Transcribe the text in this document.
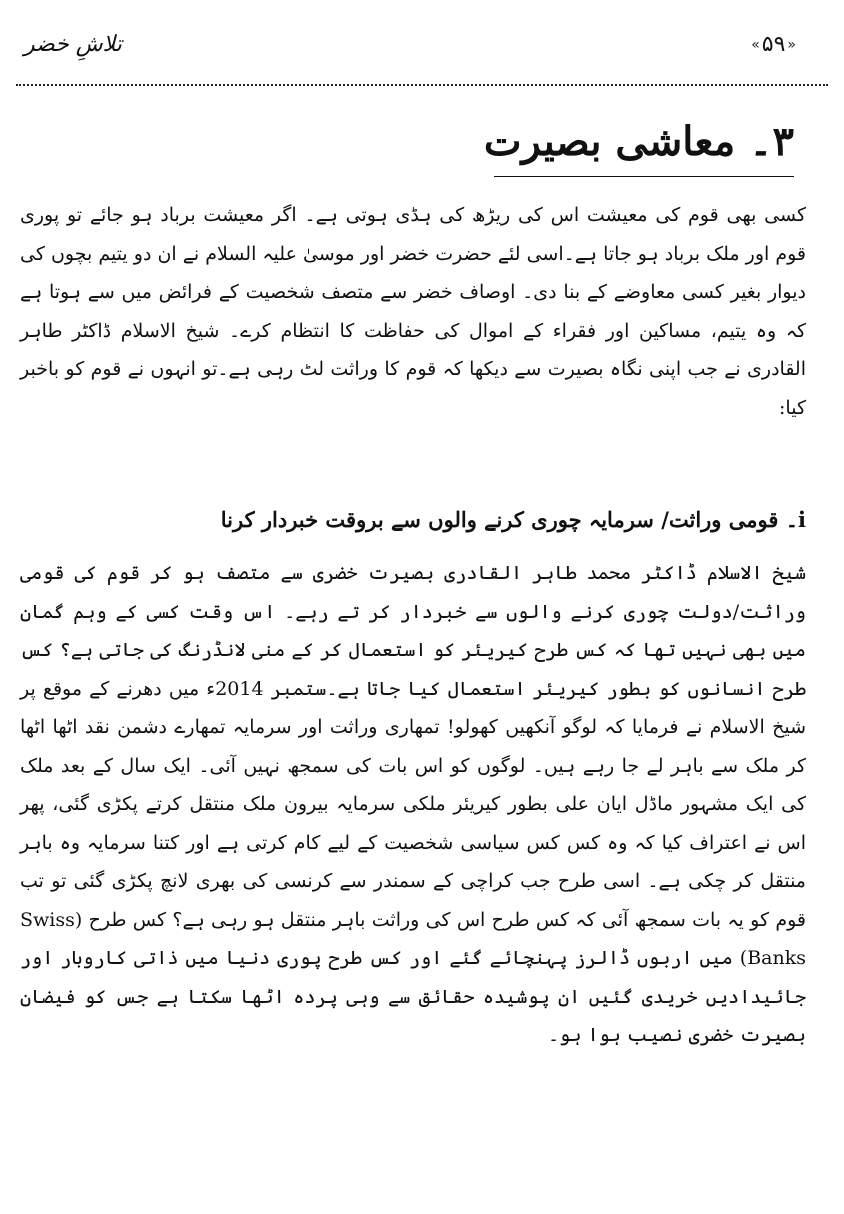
تلاشِ خضر	« ۵۹ »
۳۔ معاشی بصیرت

کسی بھی قوم کی معیشت اس کی ریڑھ کی ہڈی ہوتی ہے۔ اگر معیشت برباد ہو جائے تو پوری قوم اور ملک برباد ہو جاتا ہے۔اسی لئے حضرت خضر اور موسیٰ علیہ السلام نے ان دو یتیم بچوں کی دیوار بغیر کسی معاوضے کے بنا دی۔ اوصاف خضر سے متصف شخصیت کے فرائض میں سے ہوتا ہے کہ وہ یتیم، مساکین اور فقراء کے اموال کی حفاظت کا انتظام کرے۔ شیخ الاسلام ڈاکٹر طاہر القادری نے جب اپنی نگاہ بصیرت سے دیکھا کہ قوم کا وراثت لٹ رہی ہے۔تو انہوں نے قوم کو باخبر کیا:

i۔ قومی وراثت/ سرمایہ چوری کرنے والوں سے بروقت خبردار کرنا

شیخ الاسلام ڈاکٹر محمد طاہر القادری بصیرت خضری سے متصف ہو کر قوم کی قومی وراثت/دولت چوری کرنے والوں سے خبردار کر تے رہے۔ اس وقت کسی کے وہم گمان میں بھی نہیں تھا کہ کس طرح کیریئر کو استعمال کر کے منی لانڈرنگ کی جاتی ہے؟ کس طرح انسانوں کو بطور کیریئر استعمال کیا جاتا ہے۔ستمبر 2014ء میں دھرنے کے موقع پر شیخ الاسلام نے فرمایا کہ لوگو آنکھیں کھولو! تمھاری وراثت اور سرمایہ تمھارے دشمن نقد اٹھا اٹھا کر ملک سے باہر لے جا رہے ہیں۔ لوگوں کو اس بات کی سمجھ نہیں آئی۔ ایک سال کے بعد ملک کی ایک مشہور ماڈل ایان علی بطور کیریئر ملکی سرمایہ بیرون ملک منتقل کرتے پکڑی گئی، پھر اس نے اعتراف کیا کہ وہ کس کس سیاسی شخصیت کے لیے کام کرتی ہے اور کتنا سرمایہ وہ باہر منتقل کر چکی ہے۔ اسی طرح جب کراچی کے سمندر سے کرنسی کی بھری لانچ پکڑی گئی تو تب قوم کو یہ بات سمجھ آئی کہ کس طرح اس کی وراثت باہر منتقل ہو رہی ہے؟ کس طرح (Swiss Banks) میں اربوں ڈالرز پہنچائے گئے اور کس طرح پوری دنیا میں ذاتی کاروبار اور جائیدادیں خریدی گئیں ان پوشیدہ حقائق سے وہی پردہ اٹھا سکتا ہے جس کو فیضان بصیرت خضری نصیب ہوا ہو۔
